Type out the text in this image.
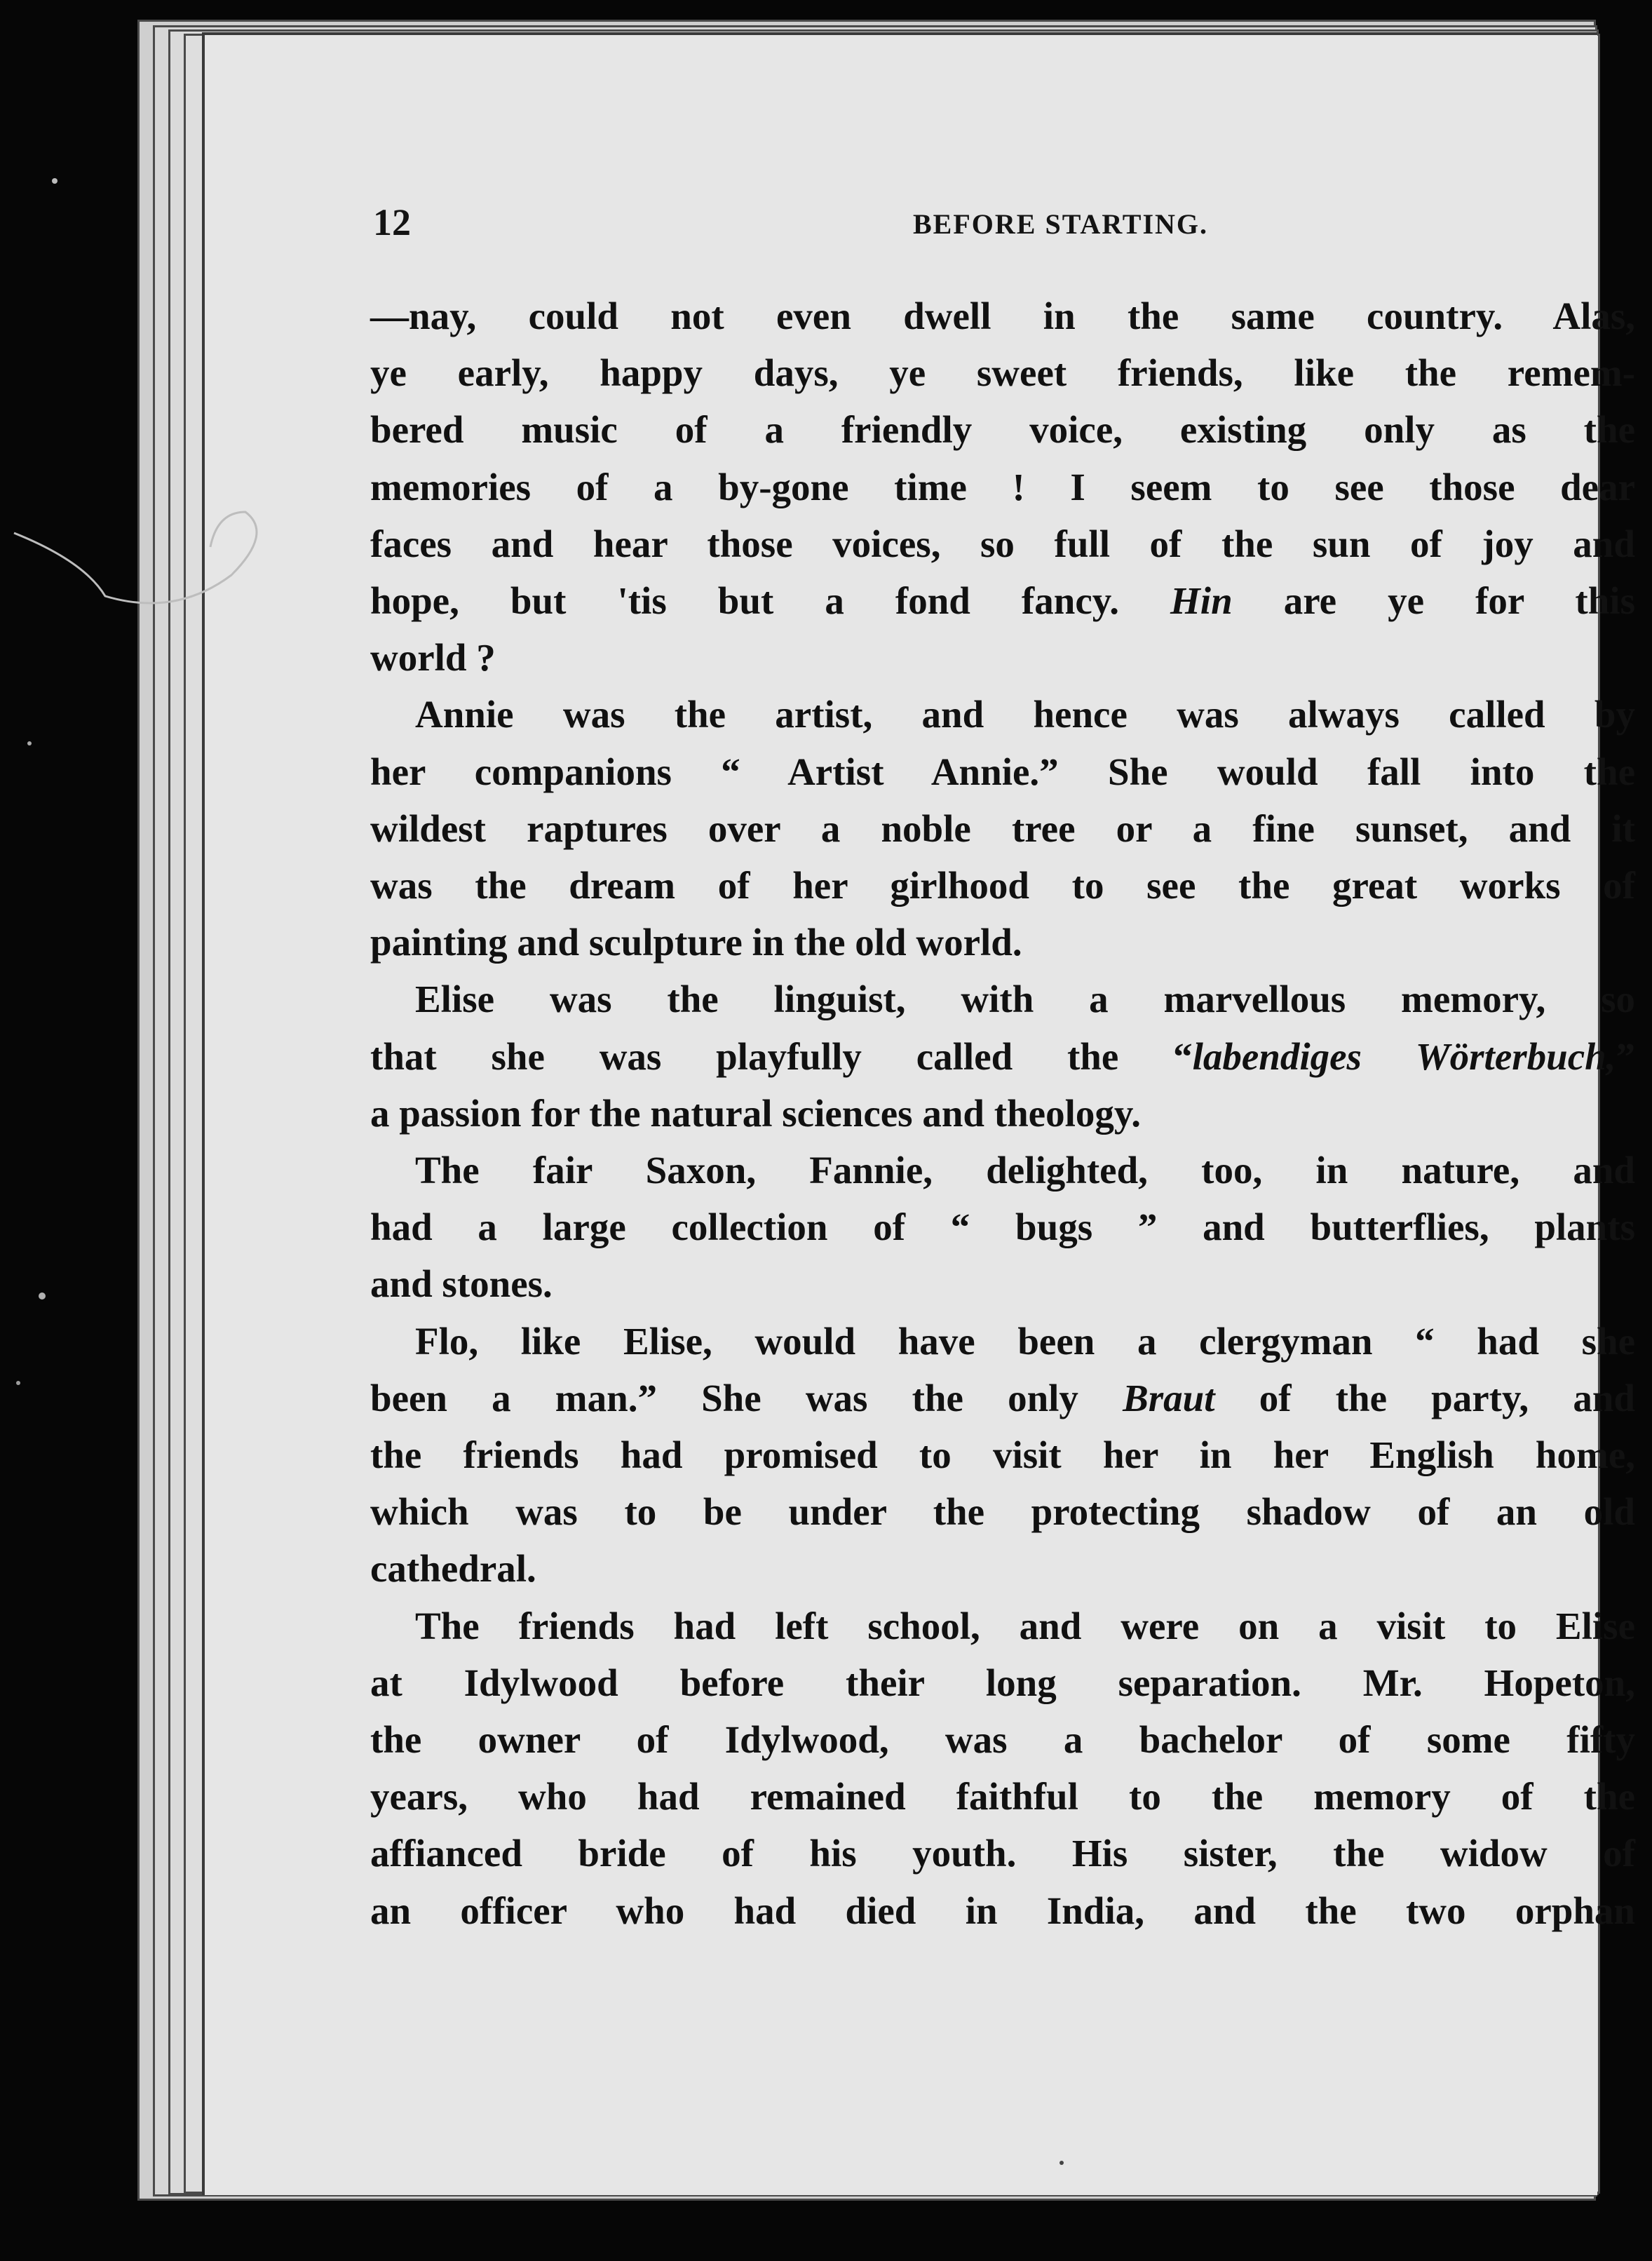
12	BEFORE STARTING.

—nay, could not even dwell in the same country. Alas,
ye early, happy days, ye sweet friends, like the remem-
bered music of a friendly voice, existing only as the
memories of a by-gone time ! I seem to see those dear
faces and hear those voices, so full of the sun of joy and
hope, but 'tis but a fond fancy. Hin are ye for this
world ?

Annie was the artist, and hence was always called by
her companions “ Artist Annie.” She would fall into the
wildest raptures over a noble tree or a fine sunset, and it
was the dream of her girlhood to see the great works of
painting and sculpture in the old world.

Elise was the linguist, with a marvellous memory, so
that she was playfully called the “labendiges Wörterbuch,”
a passion for the natural sciences and theology.

The fair Saxon, Fannie, delighted, too, in nature, and
had a large collection of “ bugs ” and butterflies, plants
and stones.

Flo, like Elise, would have been a clergyman “ had she
been a man.” She was the only Braut of the party, and
the friends had promised to visit her in her English home,
which was to be under the protecting shadow of an old
cathedral.

The friends had left school, and were on a visit to Elise
at Idylwood before their long separation. Mr. Hopeton,
the owner of Idylwood, was a bachelor of some fifty
years, who had remained faithful to the memory of the
affianced bride of his youth. His sister, the widow of
an officer who had died in India, and the two orphan
